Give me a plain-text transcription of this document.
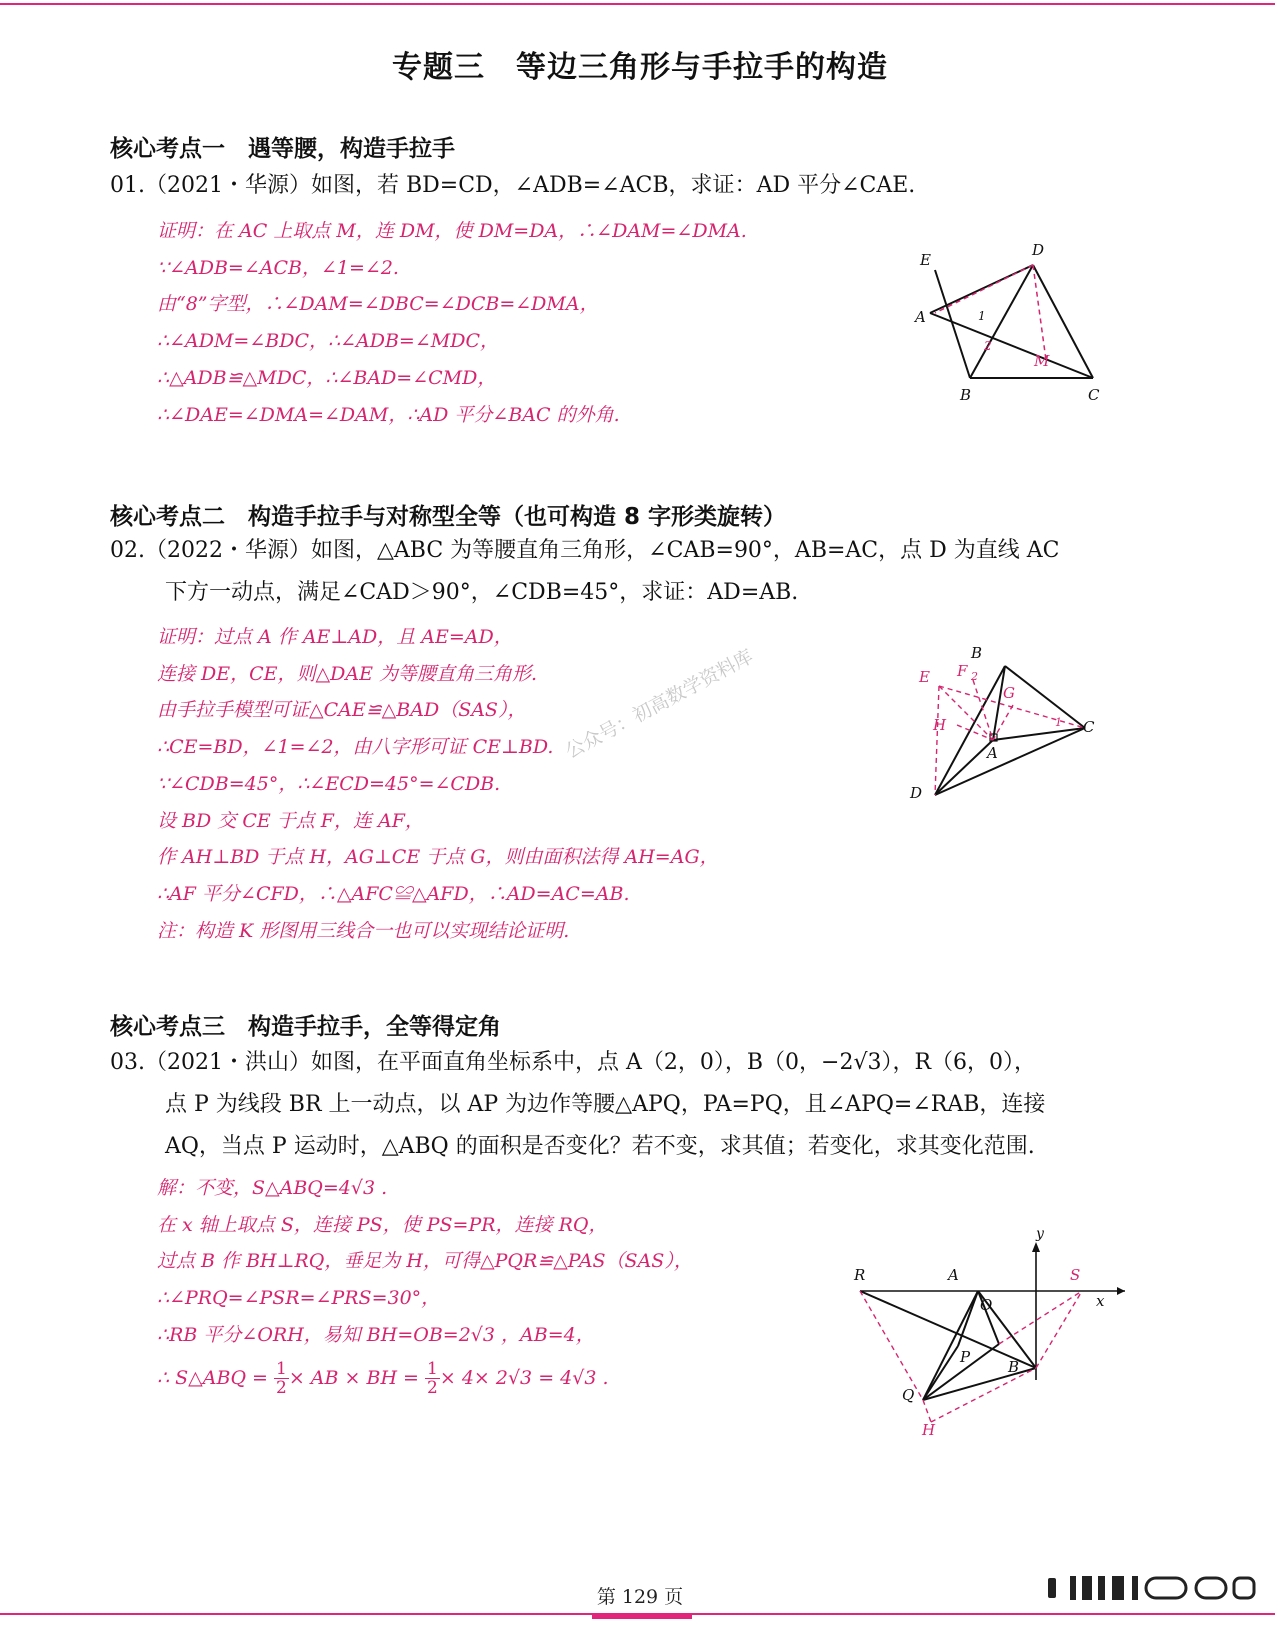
专题三　等边三角形与手拉手的构造
核心考点一　遇等腰，构造手拉手
01.（2021・华源）如图，若 BD=CD，∠ADB=∠ACB，求证：AD 平分∠CAE.
证明：在 AC 上取点 M，连 DM，使 DM=DA，∴∠DAM=∠DMA.
∵∠ADB=∠ACB，∠1=∠2.
由“8”字型，∴∠DAM=∠DBC=∠DCB=∠DMA，
∴∠ADM=∠BDC，∴∠ADB=∠MDC，
∴△ADB≌△MDC，∴∠BAD=∠CMD，
∴∠DAE=∠DMA=∠DAM，∴AD 平分∠BAC 的外角.
E
D
A	1
2
M
B	C
核心考点二　构造手拉手与对称型全等（也可构造 8 字形类旋转）
02.（2022・华源）如图，△ABC 为等腰直角三角形，∠CAB=90°，AB=AC，点 D 为直线 AC
下方一动点，满足∠CAD＞90°，∠CDB=45°，求证：AD=AB.
证明：过点 A 作 AE⊥AD，且 AE=AD，
连接 DE，CE，则△DAE 为等腰直角三角形.
由手拉手模型可证△CAE≌△BAD（SAS），
∴CE=BD，∠1=∠2，由八字形可证 CE⊥BD.
∵∠CDB=45°，∴∠ECD=45°=∠CDB.
设 BD 交 CE 于点 F，连 AF，
作 AH⊥BD 于点 H，AG⊥CE 于点 G，则由面积法得 AH=AG，
∴AF 平分∠CFD，∴△AFC≌△AFD，∴AD=AC=AB.
注：构造 K 形图用三线合一也可以实现结论证明.
B
E F 2
G
H	1 C
A
D
公众号：初高数学资料库
核心考点三　构造手拉手，全等得定角
03.（2021・洪山）如图，在平面直角坐标系中，点 A（2，0），B（0，−2√3），R（6，0），
点 P 为线段 BR 上一动点，以 AP 为边作等腰△APQ，PA=PQ，且∠APQ=∠RAB，连接
AQ，当点 P 运动时，△ABQ 的面积是否变化？若不变，求其值；若变化，求其变化范围.
解：不变，S△ABQ=4√3 .
在 x 轴上取点 S，连接 PS，使 PS=PR，连接 RQ，
过点 B 作 BH⊥RQ，垂足为 H，可得△PQR≌△PAS（SAS），
∴∠PRQ=∠PSR=∠PRS=30°，
∴RB 平分∠ORH，易知 BH=OB=2√3 ，AB=4，
∴ S△ABQ = $\frac{1}{2}$ × AB × BH = $\frac{1}{2} \times 4\times 2√3 = 4√3$ .
y
R	A	S
O	x
P
B
Q
H
第 129 页
